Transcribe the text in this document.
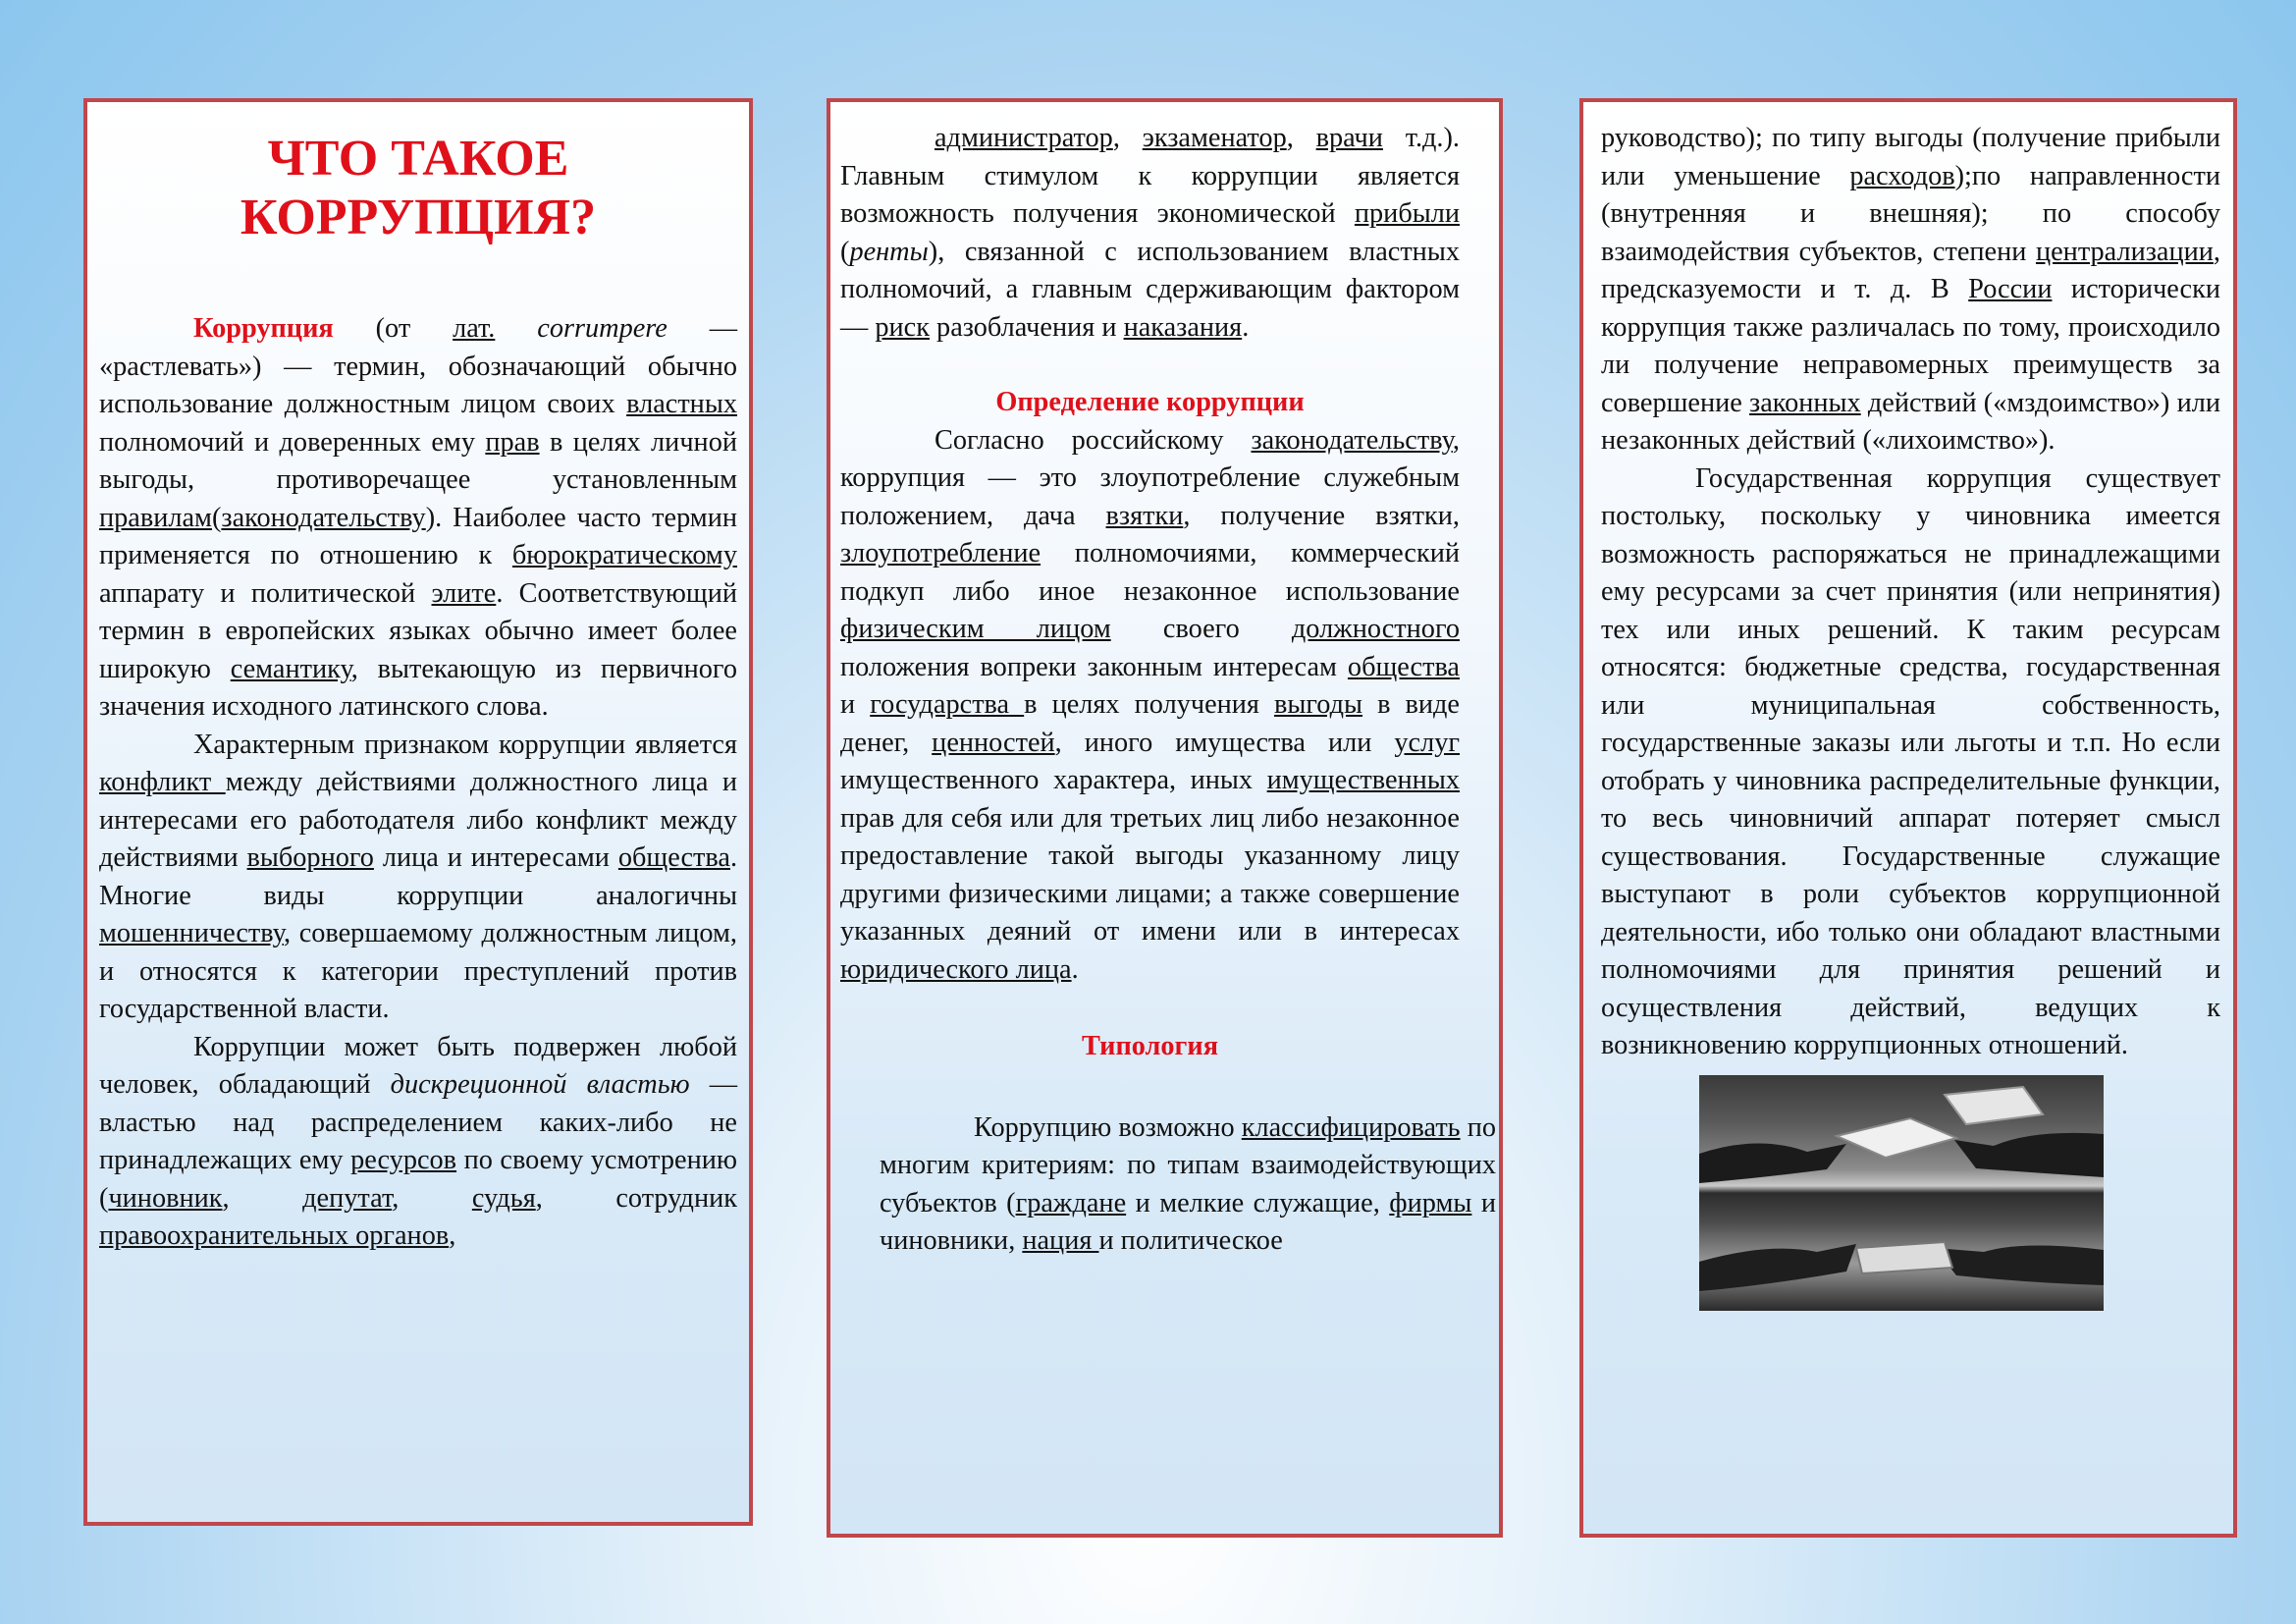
ЧТО ТАКОЕ
КОРРУПЦИЯ?

Коррупция (от лат. corrumpere — «растлевать») — термин, обозначающий обычно использование должностным лицом своих властных полномочий и доверенных ему прав в целях личной выгоды, противоречащее установленным правилам(законодательству). Наиболее часто термин применяется по отношению к бюрократическому аппарату и политической элите. Соответствующий термин в европейских языках обычно имеет более широкую семантику, вытекающую из первичного значения исходного латинского слова.

Характерным признаком коррупции является конфликт между действиями должностного лица и интересами его работодателя либо конфликт между действиями выборного лица и интересами общества. Многие виды коррупции аналогичны мошенничеству, совершаемому должностным лицом, и относятся к категории преступлений против государственной власти.

Коррупции может быть подвержен любой человек, обладающий дискреционной властью — властью над распределением каких-либо не принадлежащих ему ресурсов по своему усмотрению (чиновник, депутат, судья, сотрудник правоохранительных органов,

администратор, экзаменатор, врачи т.д.). Главным стимулом к коррупции является возможность получения экономической прибыли (ренты), связанной с использованием властных полномочий, а главным сдерживающим фактором — риск разоблачения и наказания.

Определение коррупции

Согласно российскому законодательству, коррупция — это злоупотребление служебным положением, дача взятки, получение взятки, злоупотребление полномочиями, коммерческий подкуп либо иное незаконное использование физическим лицом своего должностного положения вопреки законным интересам общества и государства в целях получения выгоды в виде денег, ценностей, иного имущества или услуг имущественного характера, иных имущественных прав для себя или для третьих лиц либо незаконное предоставление такой выгоды указанному лицу другими физическими лицами; а также совершение указанных деяний от имени или в интересах юридического лица.

Типология

Коррупцию возможно классифицировать по многим критериям: по типам взаимодействующих субъектов (граждане и мелкие служащие, фирмы и чиновники, нация и политическое

руководство); по типу выгоды (получение прибыли или уменьшение расходов);по направленности (внутренняя и внешняя); по способу взаимодействия субъектов, степени централизации, предсказуемости и т. д. В России исторически коррупция также различалась по тому, происходило ли получение неправомерных преимуществ за совершение законных действий («мздоимство») или незаконных действий («лихоимство»).

Государственная коррупция существует постольку, поскольку у чиновника имеется возможность распоряжаться не принадлежащими ему ресурсами за счет принятия (или непринятия) тех или иных решений. К таким ресурсам относятся: бюджетные средства, государственная или муниципальная собственность, государственные заказы или льготы и т.п. Но если отобрать у чиновника распределительные функции, то весь чиновничий аппарат потеряет смысл существования. Государственные служащие выступают в роли субъектов коррупционной деятельности, ибо только они обладают властными полномочиями для принятия решений и осуществления действий, ведущих к возникновению коррупционных отношений.
